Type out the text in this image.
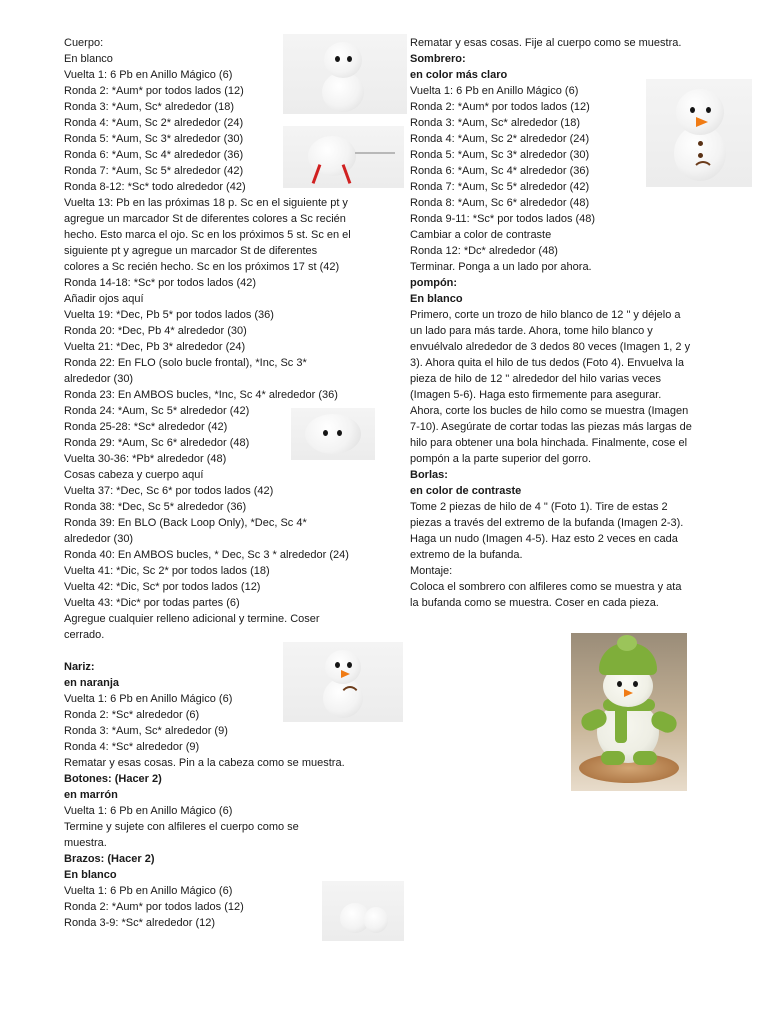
Cuerpo:
En blanco
Vuelta 1: 6 Pb en Anillo Mágico (6)
Ronda 2: *Aum* por todos lados (12)
Ronda 3: *Aum, Sc* alrededor (18)
Ronda 4: *Aum, Sc 2* alrededor (24)
Ronda 5: *Aum, Sc 3* alrededor (30)
Ronda 6: *Aum, Sc 4* alrededor (36)
Ronda 7: *Aum, Sc 5* alrededor (42)
Ronda 8-12: *Sc* todo alrededor (42)
Vuelta 13: Pb en las próximas 18 p. Sc en el siguiente pt y
agregue un marcador St de diferentes colores a Sc recién
hecho. Esto marca el ojo. Sc en los próximos 5 st. Sc en el
siguiente pt y agregue un marcador St de diferentes
colores a Sc recién hecho. Sc en los próximos 17 st (42)
Ronda 14-18: *Sc* por todos lados (42)
Añadir ojos aquí
Vuelta 19: *Dec, Pb 5* por todos lados (36)
Ronda 20: *Dec, Pb 4* alrededor (30)
Vuelta 21: *Dec, Pb 3* alrededor (24)
Ronda 22: En FLO (solo bucle frontal), *Inc, Sc 3*
alrededor (30)
Ronda 23: En AMBOS bucles, *Inc, Sc 4* alrededor (36)
Ronda 24: *Aum, Sc 5* alrededor (42)
Ronda 25-28: *Sc* alrededor (42)
Ronda 29: *Aum, Sc 6* alrededor (48)
Vuelta 30-36: *Pb* alrededor (48)
Cosas cabeza y cuerpo aquí
Vuelta 37: *Dec, Sc 6* por todos lados (42)
Ronda 38: *Dec, Sc 5* alrededor (36)
Ronda 39: En BLO (Back Loop Only), *Dec, Sc 4*
alrededor (30)
Ronda 40: En AMBOS bucles, * Dec, Sc 3 * alrededor (24)
Vuelta 41: *Dic, Sc 2* por todos lados (18)
Vuelta 42: *Dic, Sc* por todos lados (12)
Vuelta 43: *Dic* por todas partes (6)
Agregue cualquier relleno adicional y termine. Coser
cerrado.
Nariz:
en naranja
Vuelta 1: 6 Pb en Anillo Mágico (6)
Ronda 2: *Sc* alrededor (6)
Ronda 3: *Aum, Sc* alrededor (9)
Ronda 4: *Sc* alrededor (9)
Rematar y esas cosas. Pin a la cabeza como se muestra.
Botones: (Hacer 2)
en marrón
Vuelta 1: 6 Pb en Anillo Mágico (6)
Termine y sujete con alfileres el cuerpo como se
muestra.
Brazos: (Hacer 2)
En blanco
Vuelta 1: 6 Pb en Anillo Mágico (6)
Ronda 2: *Aum* por todos lados (12)
Ronda 3-9: *Sc* alrededor (12)
Rematar y esas cosas. Fije al cuerpo como se muestra.
Sombrero:
en color más claro
Vuelta 1: 6 Pb en Anillo Mágico (6)
Ronda 2: *Aum* por todos lados (12)
Ronda 3: *Aum, Sc* alrededor (18)
Ronda 4: *Aum, Sc 2* alrededor (24)
Ronda 5: *Aum, Sc 3* alrededor (30)
Ronda 6: *Aum, Sc 4* alrededor (36)
Ronda 7: *Aum, Sc 5* alrededor (42)
Ronda 8: *Aum, Sc 6* alrededor (48)
Ronda 9-11: *Sc* por todos lados (48)
Cambiar a color de contraste
Ronda 12: *Dc* alrededor (48)
Terminar. Ponga a un lado por ahora.
pompón:
En blanco
Primero, corte un trozo de hilo blanco de 12 " y déjelo a
un lado para más tarde. Ahora, tome hilo blanco y
envuélvalo alrededor de 3 dedos 80 veces (Imagen 1, 2 y
3). Ahora quita el hilo de tus dedos (Foto 4). Envuelva la
pieza de hilo de 12 " alrededor del hilo varias veces
(Imagen 5-6). Haga esto firmemente para asegurar.
Ahora, corte los bucles de hilo como se muestra (Imagen
7-10). Asegúrate de cortar todas las piezas más largas de
hilo para obtener una bola hinchada. Finalmente, cose el
pompón a la parte superior del gorro.
Borlas:
en color de contraste
Tome 2 piezas de hilo de 4 " (Foto 1). Tire de estas 2
piezas a través del extremo de la bufanda (Imagen 2-3).
Haga un nudo (Imagen 4-5). Haz esto 2 veces en cada
extremo de la bufanda.
Montaje:
Coloca el sombrero con alfileres como se muestra y ata
la bufanda como se muestra. Coser en cada pieza.
